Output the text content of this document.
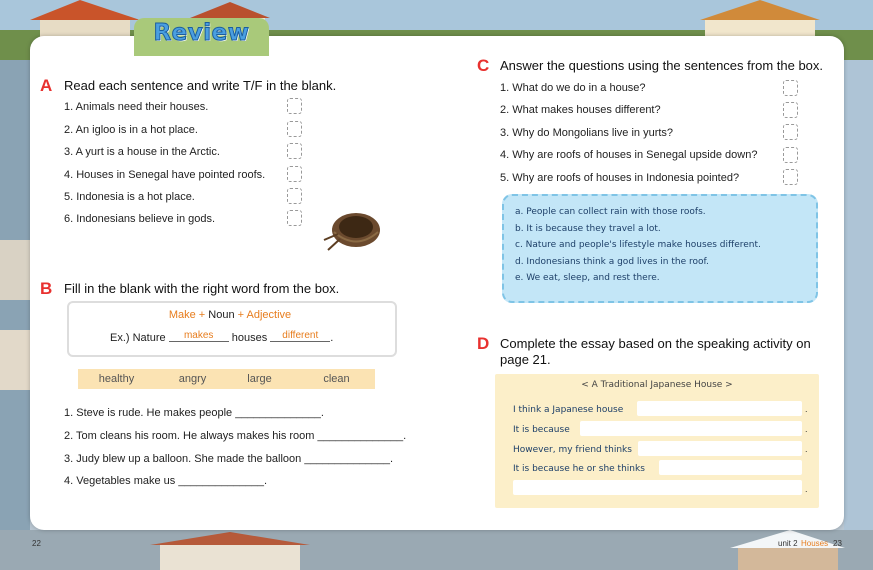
Review
A Read each sentence and write T/F in the blank.
1. Animals need their houses.
2. An igloo is in a hot place.
3. A yurt is a house in the Arctic.
4. Houses in Senegal have pointed roofs.
5. Indonesia is a hot place.
6. Indonesians believe in gods.
B Fill in the blank with the right word from the box.
Make + Noun + Adjective
Ex.) Nature makes houses different .
healthy	angry	large	clean
1. Steve is rude. He makes people ______________.
2. Tom cleans his room. He always makes his room ______________.
3. Judy blew up a balloon. She made the balloon ______________.
4. Vegetables make us ______________.
C Answer the questions using the sentences from the box.
1. What do we do in a house?
2. What makes houses different?
3. Why do Mongolians live in yurts?
4. Why are roofs of houses in Senegal upside down?
5. Why are roofs of houses in Indonesia pointed?
a. People can collect rain with those roofs.
b. It is because they travel a lot.
c. Nature and people's lifestyle make houses different.
d. Indonesians think a god lives in the roof.
e. We eat, sleep, and rest there.
D Complete the essay based on the speaking activity on
page 21.
< A Traditional Japanese House >
I think a Japanese house	.
It is because	.
However, my friend thinks	.
It is because he or she thinks
.
22	unit 2 Houses 23
